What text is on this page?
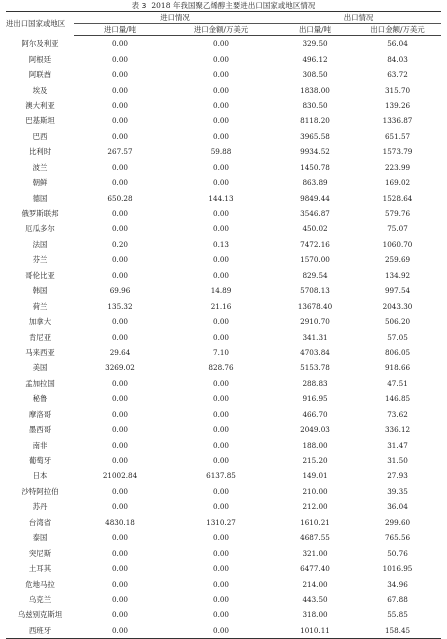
表 3 2018 年我国聚乙烯醇主要进出口国家或地区情况
进出口国家或地区	进口情况		出口情况	
	进口量/吨	进口金额/万美元	出口量/吨	出口金额/万美元
阿尔及利亚	0.00	0.00	329.50	56.04
阿根廷	0.00	0.00	496.12	84.03
阿联酋	0.00	0.00	308.50	63.72
埃及	0.00	0.00	1838.00	315.70
澳大利亚	0.00	0.00	830.50	139.26
巴基斯坦	0.00	0.00	8118.20	1336.87
巴西	0.00	0.00	3965.58	651.57
比利时	267.57	59.88	9934.52	1573.79
波兰	0.00	0.00	1450.78	223.99
朝鲜	0.00	0.00	863.89	169.02
德国	650.28	144.13	9849.44	1528.64
俄罗斯联邦	0.00	0.00	3546.87	579.76
厄瓜多尔	0.00	0.00	450.02	75.07
法国	0.20	0.13	7472.16	1060.70
芬兰	0.00	0.00	1570.00	259.69
哥伦比亚	0.00	0.00	829.54	134.92
韩国	69.96	14.89	5708.13	997.54
荷兰	135.32	21.16	13678.40	2043.30
加拿大	0.00	0.00	2910.70	506.20
肯尼亚	0.00	0.00	341.31	57.05
马来西亚	29.64	7.10	4703.84	806.05
美国	3269.02	828.76	5153.78	918.66
孟加拉国	0.00	0.00	288.83	47.51
秘鲁	0.00	0.00	916.95	146.85
摩洛哥	0.00	0.00	466.70	73.62
墨西哥	0.00	0.00	2049.03	336.12
南非	0.00	0.00	188.00	31.47
葡萄牙	0.00	0.00	215.20	31.50
日本	21002.84	6137.85	149.01	27.93
沙特阿拉伯	0.00	0.00	210.00	39.35
苏丹	0.00	0.00	212.00	36.04
台湾省	4830.18	1310.27	1610.21	299.60
泰国	0.00	0.00	4687.55	765.56
突尼斯	0.00	0.00	321.00	50.76
土耳其	0.00	0.00	6477.40	1016.95
危地马拉	0.00	0.00	214.00	34.96
乌克兰	0.00	0.00	443.50	67.88
乌兹别克斯坦	0.00	0.00	318.00	55.85
西班牙	0.00	0.00	1010.11	158.45
